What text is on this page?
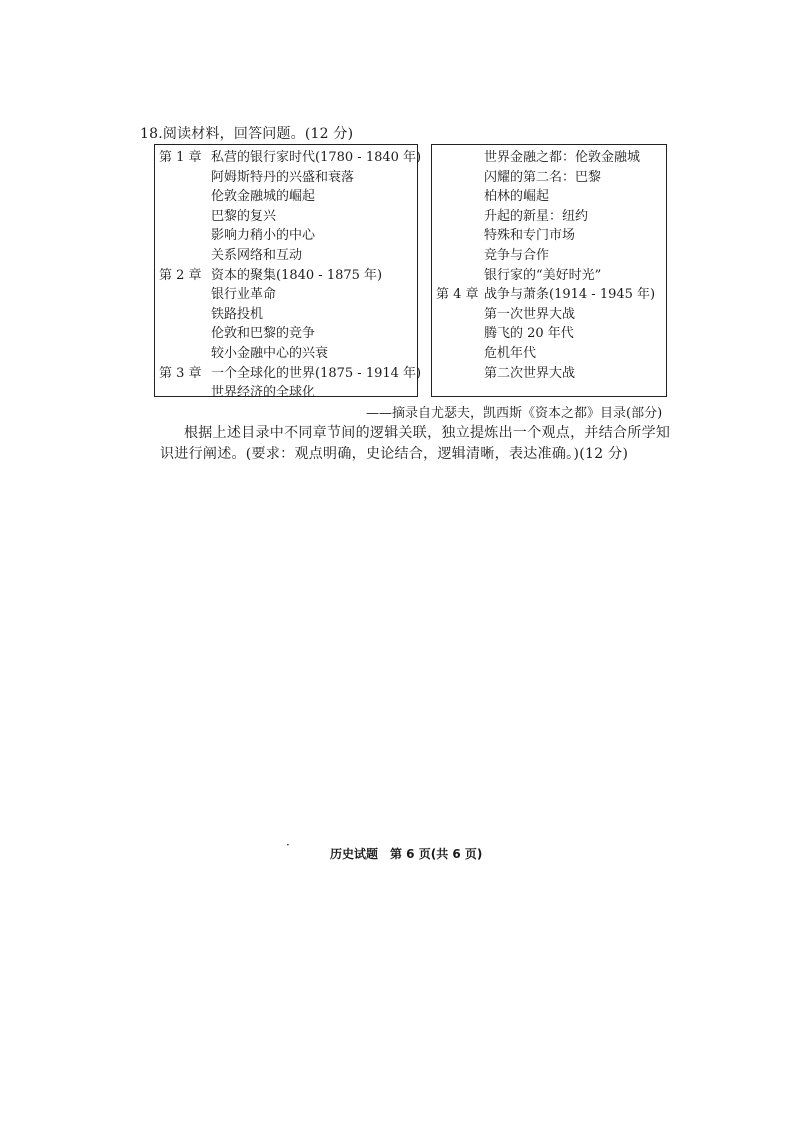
18.阅读材料，回答问题。(12 分)
第 1 章 私营的银行家时代(1780 - 1840 年)
阿姆斯特丹的兴盛和衰落
伦敦金融城的崛起
巴黎的复兴
影响力稍小的中心
关系网络和互动
第 2 章 资本的聚集(1840 - 1875 年)
银行业革命
铁路投机
伦敦和巴黎的竞争
较小金融中心的兴衰
第 3 章 一个全球化的世界(1875 - 1914 年)
世界经济的全球化
世界金融之都：伦敦金融城
闪耀的第二名：巴黎
柏林的崛起
升起的新星：纽约
特殊和专门市场
竞争与合作
银行家的“美好时光”
第 4 章 战争与萧条(1914 - 1945 年)
第一次世界大战
腾飞的 20 年代
危机年代
第二次世界大战
——摘录自尤瑟夫，凯西斯《资本之都》目录(部分)
根据上述目录中不同章节间的逻辑关联，独立提炼出一个观点，并结合所学知识进行阐述。(要求：观点明确，史论结合，逻辑清晰，表达准确。)(12 分)
·
历史试题　第 6 页(共 6 页)
